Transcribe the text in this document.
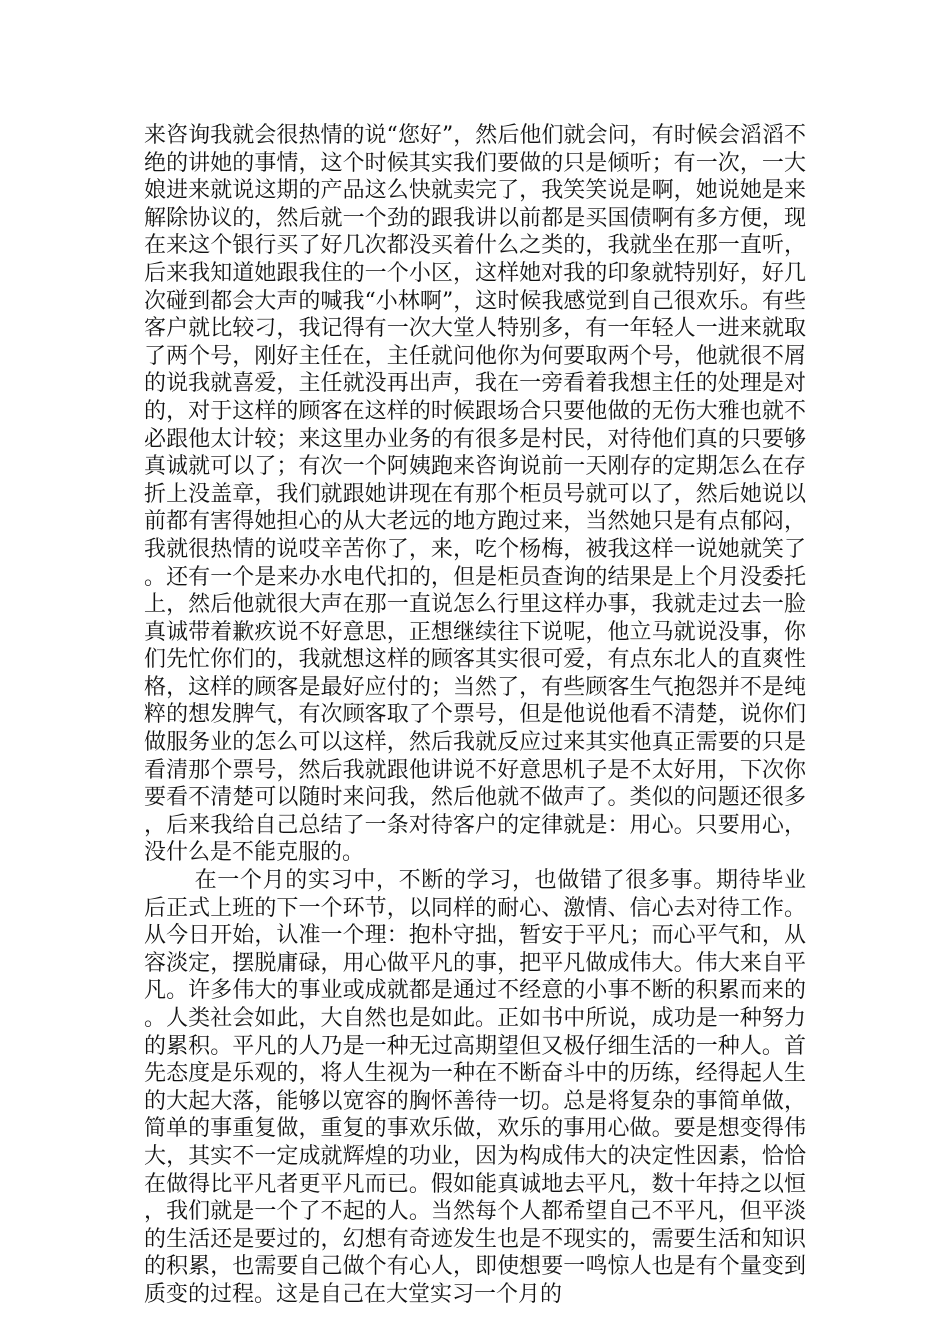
来咨询我就会很热情的说“您好”，然后他们就会问，有时候会滔滔不绝的讲她的事情，这个时候其实我们要做的只是倾听；有一次，一大娘进来就说这期的产品这么快就卖完了，我笑笑说是啊，她说她是来解除协议的，然后就一个劲的跟我讲以前都是买国债啊有多方便，现在来这个银行买了好几次都没买着什么之类的，我就坐在那一直听，后来我知道她跟我住的一个小区，这样她对我的印象就特别好，好几次碰到都会大声的喊我“小林啊”，这时候我感觉到自己很欢乐。有些客户就比较刁，我记得有一次大堂人特别多，有一年轻人一进来就取了两个号，刚好主任在，主任就问他你为何要取两个号，他就很不屑的说我就喜爱，主任就没再出声，我在一旁看着我想主任的处理是对的，对于这样的顾客在这样的时候跟场合只要他做的无伤大雅也就不必跟他太计较；来这里办业务的有很多是村民，对待他们真的只要够真诚就可以了；有次一个阿姨跑来咨询说前一天刚存的定期怎么在存折上没盖章，我们就跟她讲现在有那个柜员号就可以了，然后她说以前都有害得她担心的从大老远的地方跑过来，当然她只是有点郁闷，我就很热情的说哎辛苦你了，来，吃个杨梅，被我这样一说她就笑了。还有一个是来办水电代扣的，但是柜员查询的结果是上个月没委托上，然后他就很大声在那一直说怎么行里这样办事，我就走过去一脸真诚带着歉疚说不好意思，正想继续往下说呢，他立马就说没事，你们先忙你们的，我就想这样的顾客其实很可爱，有点东北人的直爽性格，这样的顾客是最好应付的；当然了，有些顾客生气抱怨并不是纯粹的想发脾气，有次顾客取了个票号，但是他说他看不清楚，说你们做服务业的怎么可以这样，然后我就反应过来其实他真正需要的只是看清那个票号，然后我就跟他讲说不好意思机子是不太好用，下次你要看不清楚可以随时来问我，然后他就不做声了。类似的问题还很多，后来我给自己总结了一条对待客户的定律就是：用心。只要用心，没什么是不能克服的。

在一个月的实习中，不断的学习，也做错了很多事。期待毕业后正式上班的下一个环节，以同样的耐心、激情、信心去对待工作。从今日开始，认准一个理：抱朴守拙，暂安于平凡；而心平气和，从容淡定，摆脱庸碌，用心做平凡的事，把平凡做成伟大。伟大来自平凡。许多伟大的事业或成就都是通过不经意的小事不断的积累而来的。人类社会如此，大自然也是如此。正如书中所说，成功是一种努力的累积。平凡的人乃是一种无过高期望但又极仔细生活的一种人。首先态度是乐观的，将人生视为一种在不断奋斗中的历练，经得起人生的大起大落，能够以宽容的胸怀善待一切。总是将复杂的事简单做，简单的事重复做，重复的事欢乐做，欢乐的事用心做。要是想变得伟大，其实不一定成就辉煌的功业，因为构成伟大的决定性因素，恰恰在做得比平凡者更平凡而已。假如能真诚地去平凡，数十年持之以恒，我们就是一个了不起的人。当然每个人都希望自己不平凡，但平淡的生活还是要过的，幻想有奇迹发生也是不现实的，需要生活和知识的积累，也需要自己做个有心人，即使想要一鸣惊人也是有个量变到质变的过程。这是自己在大堂实习一个月的
